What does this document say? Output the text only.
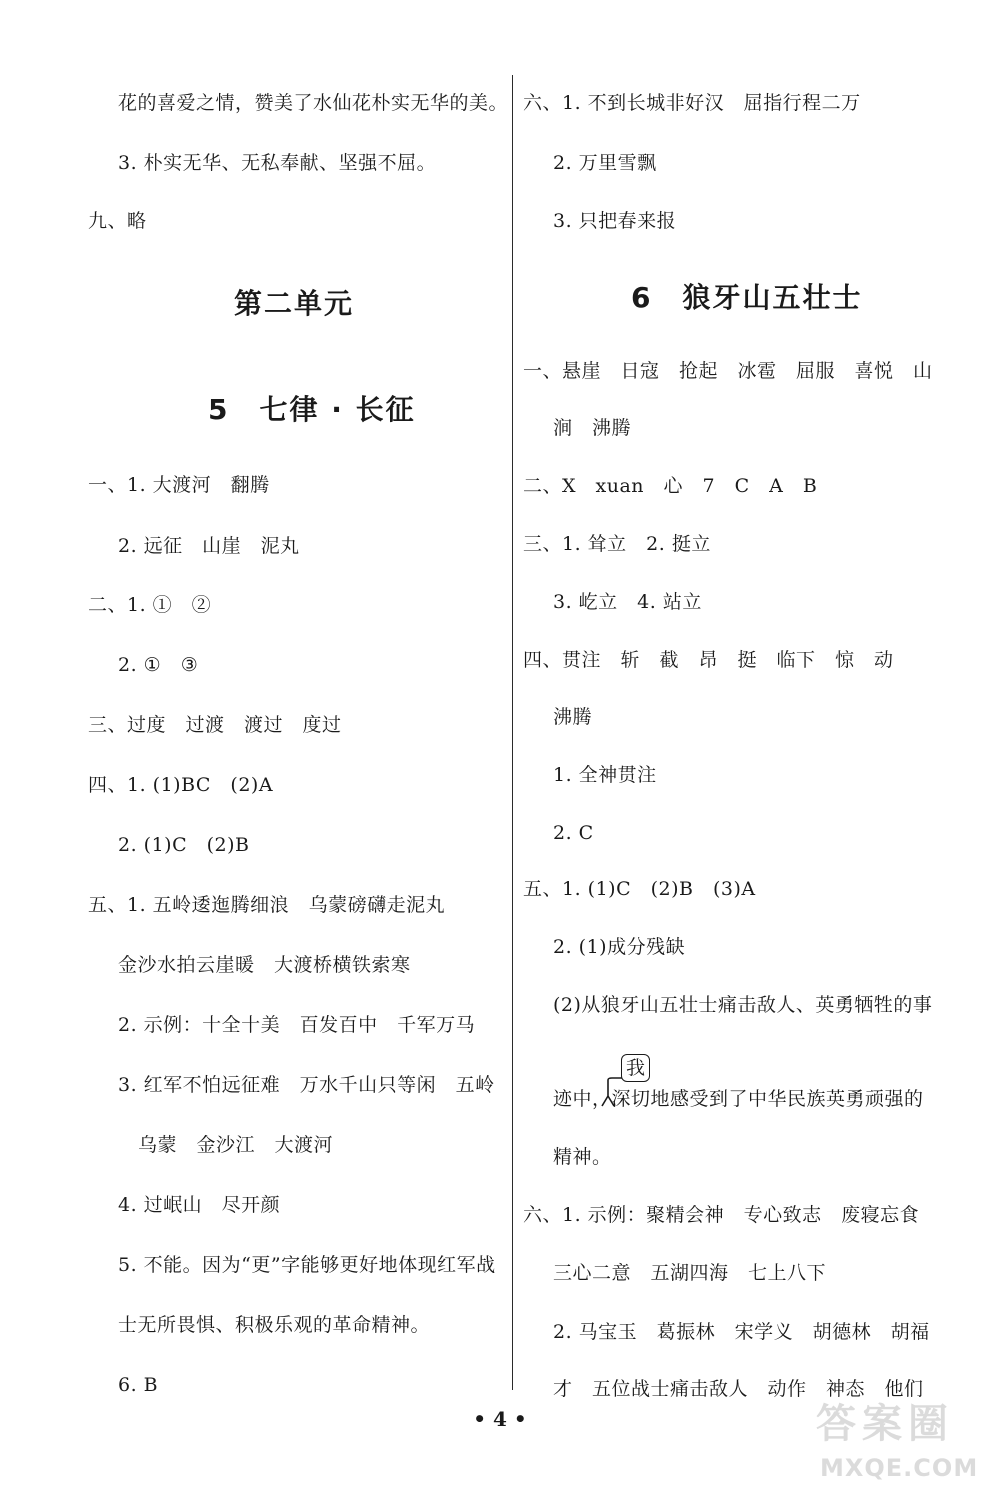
花的喜爱之情，赞美了水仙花朴实无华的美。
3. 朴实无华、无私奉献、坚强不屈。
九、略
第二单元
5　七律 · 长征
一、1. 大渡河　翻腾
2. 远征　山崖　泥丸
二、1. ①　②
2. ①　③
三、过度　过渡　渡过　度过
四、1. (1)BC　(2)A
2. (1)C　(2)B
五、1. 五岭逶迤腾细浪　乌蒙磅礴走泥丸
金沙水拍云崖暖　大渡桥横铁索寒
2. 示例：十全十美　百发百中　千军万马
3. 红军不怕远征难　万水千山只等闲　五岭
乌蒙　金沙江　大渡河
4. 过岷山　尽开颜
5. 不能。因为“更”字能够更好地体现红军战
士无所畏惧、积极乐观的革命精神。
6. B
六、1. 不到长城非好汉　屈指行程二万
2. 万里雪飘
3. 只把春来报
6　狼牙山五壮士
一、悬崖　日寇　抢起　冰雹　屈服　喜悦　山
涧　沸腾
二、X　xuan　心　7　C　A　B
三、1. 耸立　2. 挺立
3. 屹立　4. 站立
四、贯注　斩　截　昂　挺　临下　惊　动
沸腾
1. 全神贯注
2. C
五、1. (1)C　(2)B　(3)A
2. (1)成分残缺
(2)从狼牙山五壮士痛击敌人、英勇牺牲的事
迹中，深切地感受到了中华民族英勇顽强的
精神。
六、1. 示例：聚精会神　专心致志　废寝忘食
三心二意　五湖四海　七上八下
2. 马宝玉　葛振林　宋学义　胡德林　胡福
才　五位战士痛击敌人　动作　神态　他们
我
• 4 •	答案圈
MXQE.COM
